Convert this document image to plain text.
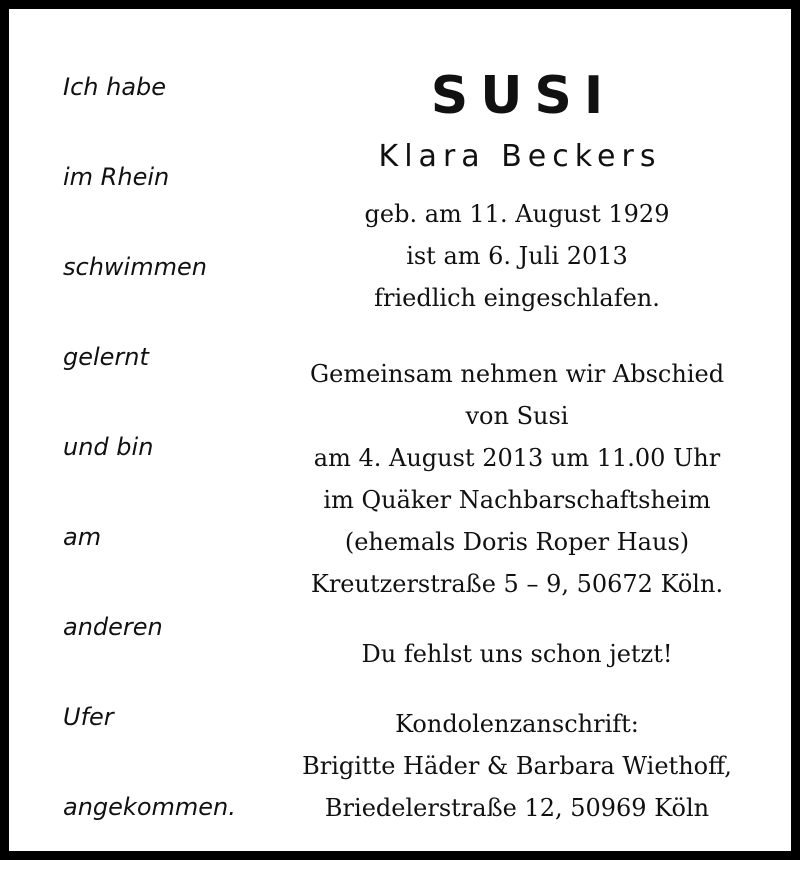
Ich habe
im Rhein
schwimmen
gelernt
und bin
am
anderen
Ufer
angekommen.
SUSI
Klara Beckers
geb. am 11. August 1929
ist am 6. Juli 2013
friedlich eingeschlafen.
Gemeinsam nehmen wir Abschied
von Susi
am 4. August 2013 um 11.00 Uhr
im Quäker Nachbarschaftsheim
(ehemals Doris Roper Haus)
Kreutzerstraße 5 – 9, 50672 Köln.
Du fehlst uns schon jetzt!
Kondolenzanschrift:
Brigitte Häder & Barbara Wiethoff,
Briedelerstraße 12, 50969 Köln
